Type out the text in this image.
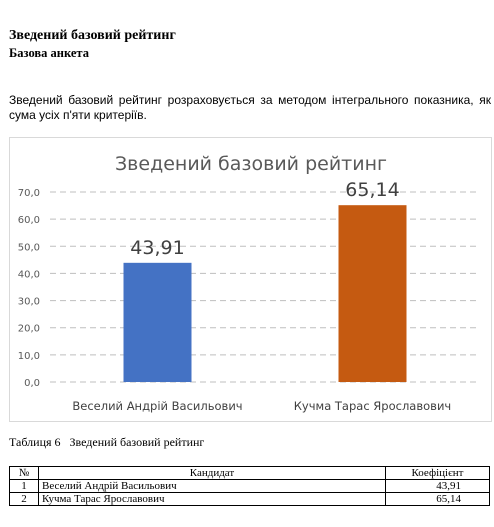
Зведений базовий рейтинг
Базова анкета
Зведений базовий рейтинг розраховується за методом інтегрального показника, як сума усіх п'яти критеріїв.
Зведений базовий рейтинг
0,0
10,0
20,0
30,0
40,0
50,0
60,0
70,0
43,91
Веселий Андрій Васильович
65,14
Кучма Тарас Ярославович
Таблиця 6 Зведений базовий рейтинг
№	Кандидат	Коефіцієнт
1	Веселий Андрій Васильович	43,91
2	Кучма Тарас Ярославович	65,14
